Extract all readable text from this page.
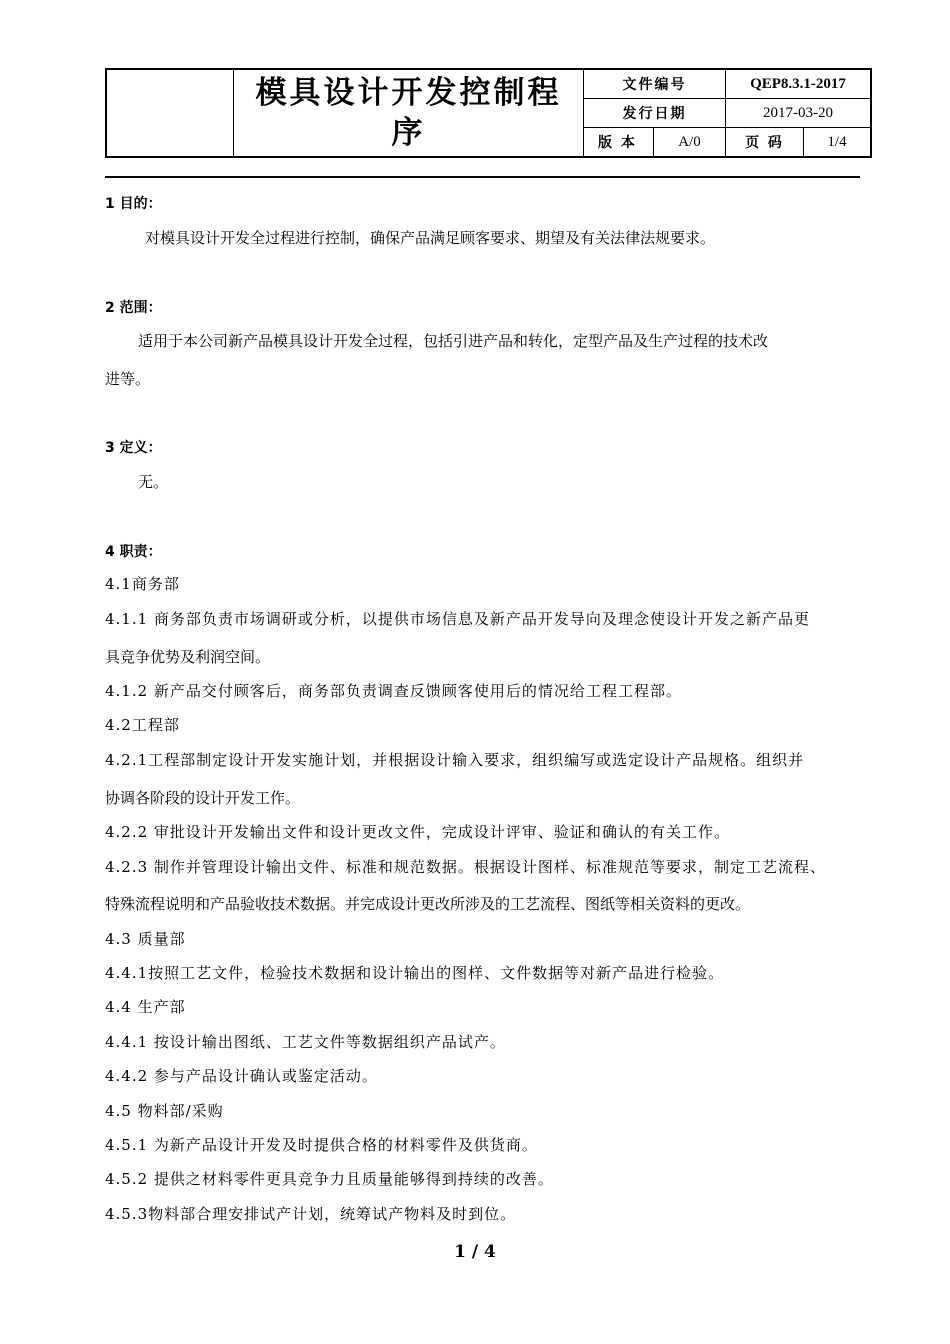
模具设计开发控制程序
文件编号	QEP8.3.1-2017
发行日期	2017-03-20
版 本	A/0	页 码	1/4
1 目的：
对模具设计开发全过程进行控制，确保产品满足顾客要求、期望及有关法律法规要求。
2 范围：
适用于本公司新产品模具设计开发全过程，包括引进产品和转化，定型产品及生产过程的技术改
进等。
3 定义：
无。
4 职责：
4.1商务部
4.1.1 商务部负责市场调研或分析，以提供市场信息及新产品开发导向及理念使设计开发之新产品更
具竞争优势及利润空间。
4.1.2 新产品交付顾客后，商务部负责调查反馈顾客使用后的情况给工程工程部。
4.2工程部
4.2.1工程部制定设计开发实施计划，并根据设计输入要求，组织编写或选定设计产品规格。组织并
协调各阶段的设计开发工作。
4.2.2 审批设计开发输出文件和设计更改文件，完成设计评审、验证和确认的有关工作。
4.2.3 制作并管理设计输出文件、标准和规范数据。根据设计图样、标准规范等要求，制定工艺流程、
特殊流程说明和产品验收技术数据。并完成设计更改所涉及的工艺流程、图纸等相关资料的更改。
4.3 质量部
4.4.1按照工艺文件，检验技术数据和设计输出的图样、文件数据等对新产品进行检验。
4.4 生产部
4.4.1 按设计输出图纸、工艺文件等数据组织产品试产。
4.4.2 参与产品设计确认或鉴定活动。
4.5 物料部/采购
4.5.1 为新产品设计开发及时提供合格的材料零件及供货商。
4.5.2 提供之材料零件更具竞争力且质量能够得到持续的改善。
4.5.3物料部合理安排试产计划，统筹试产物料及时到位。
1 / 4
